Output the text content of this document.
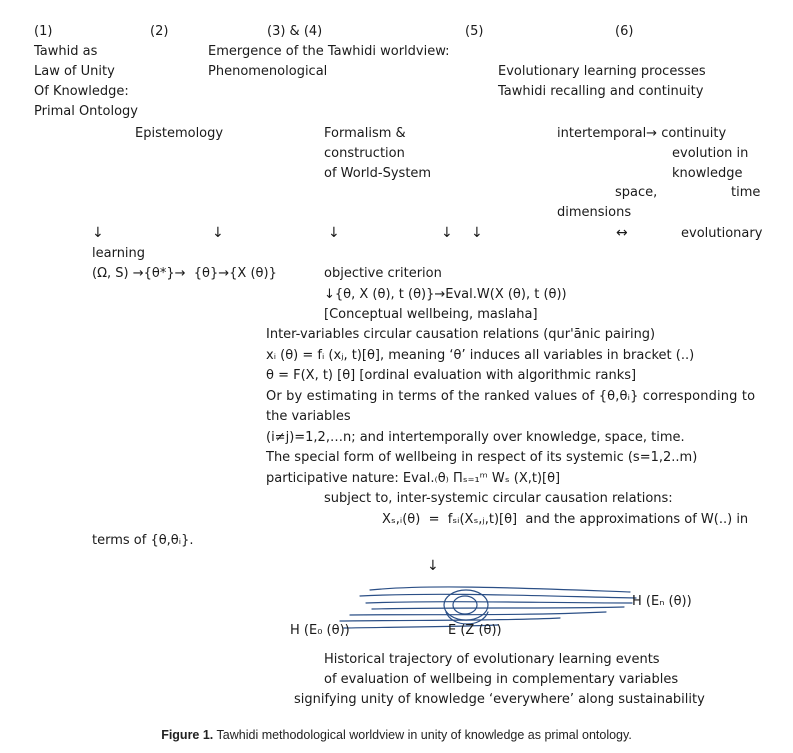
(1)	(2)	(3) & (4)	(5)	(6)
Tawhid as
Law of Unity
Of Knowledge:
Primal Ontology
Emergence of the Tawhidi worldview:
Phenomenological	Evolutionary learning processes
Tawhidi recalling and continuity
Epistemology	Formalism &
construction
of World-System
intertemporal→ continuity
evolution in
knowledge
space,	time
dimensions
↓	↓	↓	↓ ↓	↔	evolutionary
learning
(Ω, S) →{θ*}→  {θ}→{X (θ)}	objective criterion
↓{θ, X (θ), t (θ)}→Eval.W(X (θ), t (θ))
[Conceptual wellbeing, maslaha]
Inter-variables circular causation relations (qur'ānic pairing)
xᵢ (θ) = fᵢ (xⱼ, t)[θ], meaning ‘θ’ induces all variables in bracket (..)
θ = F(X, t) [θ] [ordinal evaluation with algorithmic ranks]
Or by estimating in terms of the ranked values of {θ,θᵢ} corresponding to
the variables
(i≠j)=1,2,…n; and intertemporally over knowledge, space, time.
The special form of wellbeing in respect of its systemic (s=1,2..m)
participative nature: Eval.₍θ₎ Πₛ₌₁ᵐ Wₛ (X,t)[θ]
subject to, inter-systemic circular causation relations:
Xₛ,ᵢ(θ)  =  fₛᵢ(Xₛ,ⱼ,t)[θ]  and the approximations of W(..) in
terms of {θ,θᵢ}.
↓
H (Eₙ (θ))
H (E₀ (θ))	E (Z (θ))
Historical trajectory of evolutionary learning events
of evaluation of wellbeing in complementary variables
signifying unity of knowledge ‘everywhere’ along sustainability
Figure 1. Tawhidi methodological worldview in unity of knowledge as primal ontology.
